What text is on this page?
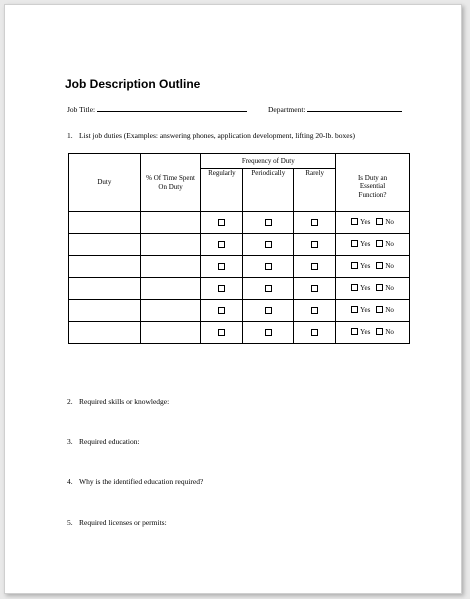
Job Description Outline
Job Title:	Department:
1. List job duties (Examples: answering phones, application development, lifting 20-lb. boxes)
Duty	% Of Time Spent On Duty	Frequency of Duty			Is Duty an Essential Function?
		Regularly	Periodically	Rarely	

					Yes No

					Yes No

					Yes No

					Yes No

					Yes No

					Yes No
2. Required skills or knowledge:
3. Required education:
4. Why is the identified education required?
5. Required licenses or permits:
